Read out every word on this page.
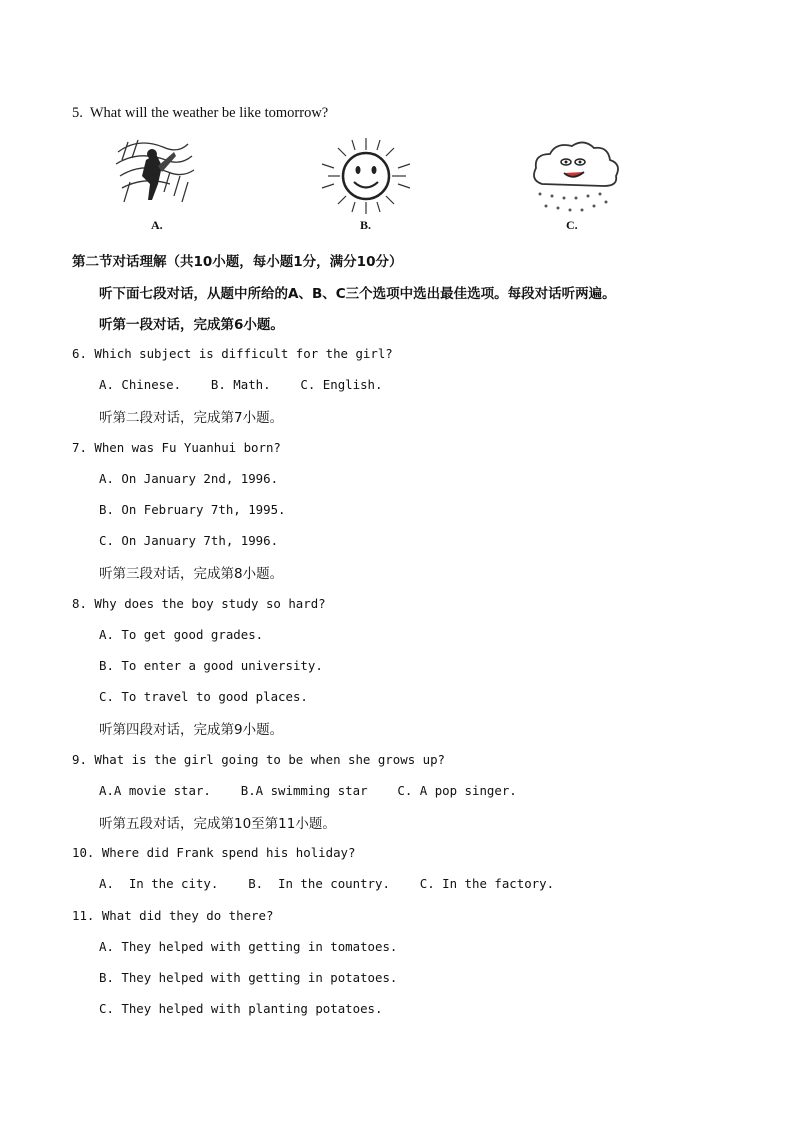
5.  What will the weather be like tomorrow?
A.	B.	C.
第二节对话理解（共10小题，每小题1分，满分10分）
听下面七段对话，从题中所给的A、B、C三个选项中选出最佳选项。每段对话听两遍。
听第一段对话，完成第6小题。
6. Which subject is difficult for the girl?
A. Chinese.    B. Math.    C. English.
听第二段对话，完成第7小题。
7. When was Fu Yuanhui born?
A. On January 2nd, 1996.
B. On February 7th, 1995.
C. On January 7th, 1996.
听第三段对话，完成第8小题。
8. Why does the boy study so hard?
A. To get good grades.
B. To enter a good university.
C. To travel to good places.
听第四段对话，完成第9小题。
9. What is the girl going to be when she grows up?
A.A movie star.    B.A swimming star    C. A pop singer.
听第五段对话，完成第10至第11小题。
10. Where did Frank spend his holiday?
A.  In the city.    B.  In the country.    C. In the factory.
11. What did they do there?
A. They helped with getting in tomatoes.
B. They helped with getting in potatoes.
C. They helped with planting potatoes.
